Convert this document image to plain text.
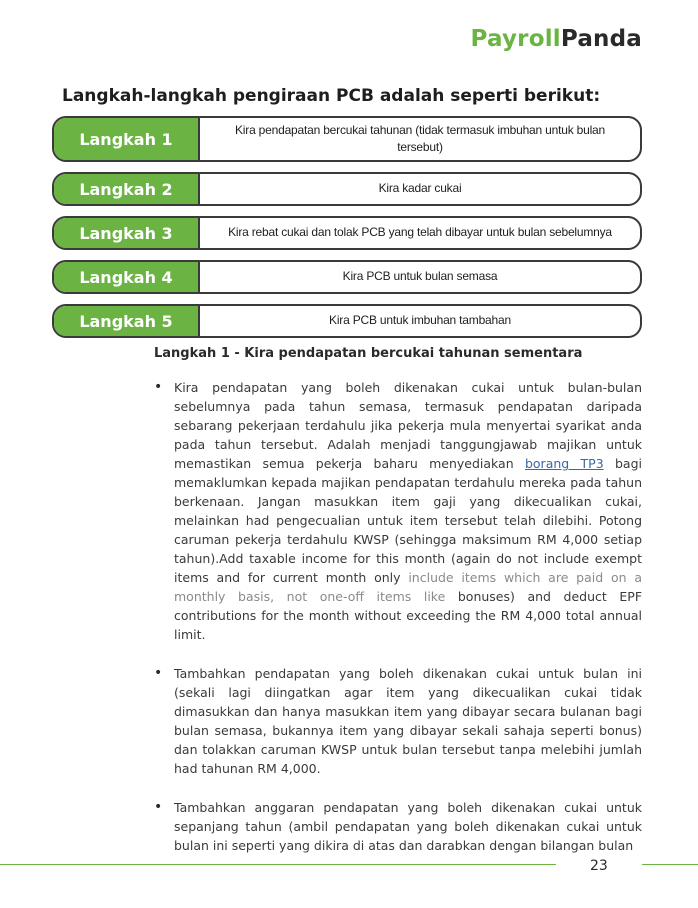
PayrollPanda
Langkah-langkah pengiraan PCB adalah seperti berikut:
Langkah 1	Kira pendapatan bercukai tahunan (tidak termasuk imbuhan untuk bulan tersebut)
Langkah 2	Kira kadar cukai
Langkah 3	Kira rebat cukai dan tolak PCB yang telah dibayar untuk bulan sebelumnya
Langkah 4	Kira PCB untuk bulan semasa
Langkah 5	Kira PCB untuk imbuhan tambahan
Langkah 1 - Kira pendapatan bercukai tahunan sementara
• Kira pendapatan yang boleh dikenakan cukai untuk bulan-bulan sebelumnya pada tahun semasa, termasuk pendapatan daripada sebarang pekerjaan terdahulu jika pekerja mula menyertai syarikat anda pada tahun tersebut. Adalah menjadi tanggungjawab majikan untuk memastikan semua pekerja baharu menyediakan borang TP3 bagi memaklumkan kepada majikan pendapatan terdahulu mereka pada tahun berkenaan. Jangan masukkan item gaji yang dikecualikan cukai, melainkan had pengecualian untuk item tersebut telah dilebihi. Potong caruman pekerja terdahulu KWSP (sehingga maksimum RM 4,000 setiap tahun).Add taxable income for this month (again do not include exempt items and for current month only include items which are paid on a monthly basis, not one-off items like bonuses) and deduct EPF contributions for the month without exceeding the RM 4,000 total annual limit.
• Tambahkan pendapatan yang boleh dikenakan cukai untuk bulan ini (sekali lagi diingatkan agar item yang dikecualikan cukai tidak dimasukkan dan hanya masukkan item yang dibayar secara bulanan bagi bulan semasa, bukannya item yang dibayar sekali sahaja seperti bonus) dan tolakkan caruman KWSP untuk bulan tersebut tanpa melebihi jumlah had tahunan RM 4,000.
• Tambahkan anggaran pendapatan yang boleh dikenakan cukai untuk sepanjang tahun (ambil pendapatan yang boleh dikenakan cukai untuk bulan ini seperti yang dikira di atas dan darabkan dengan bilangan bulan
23
